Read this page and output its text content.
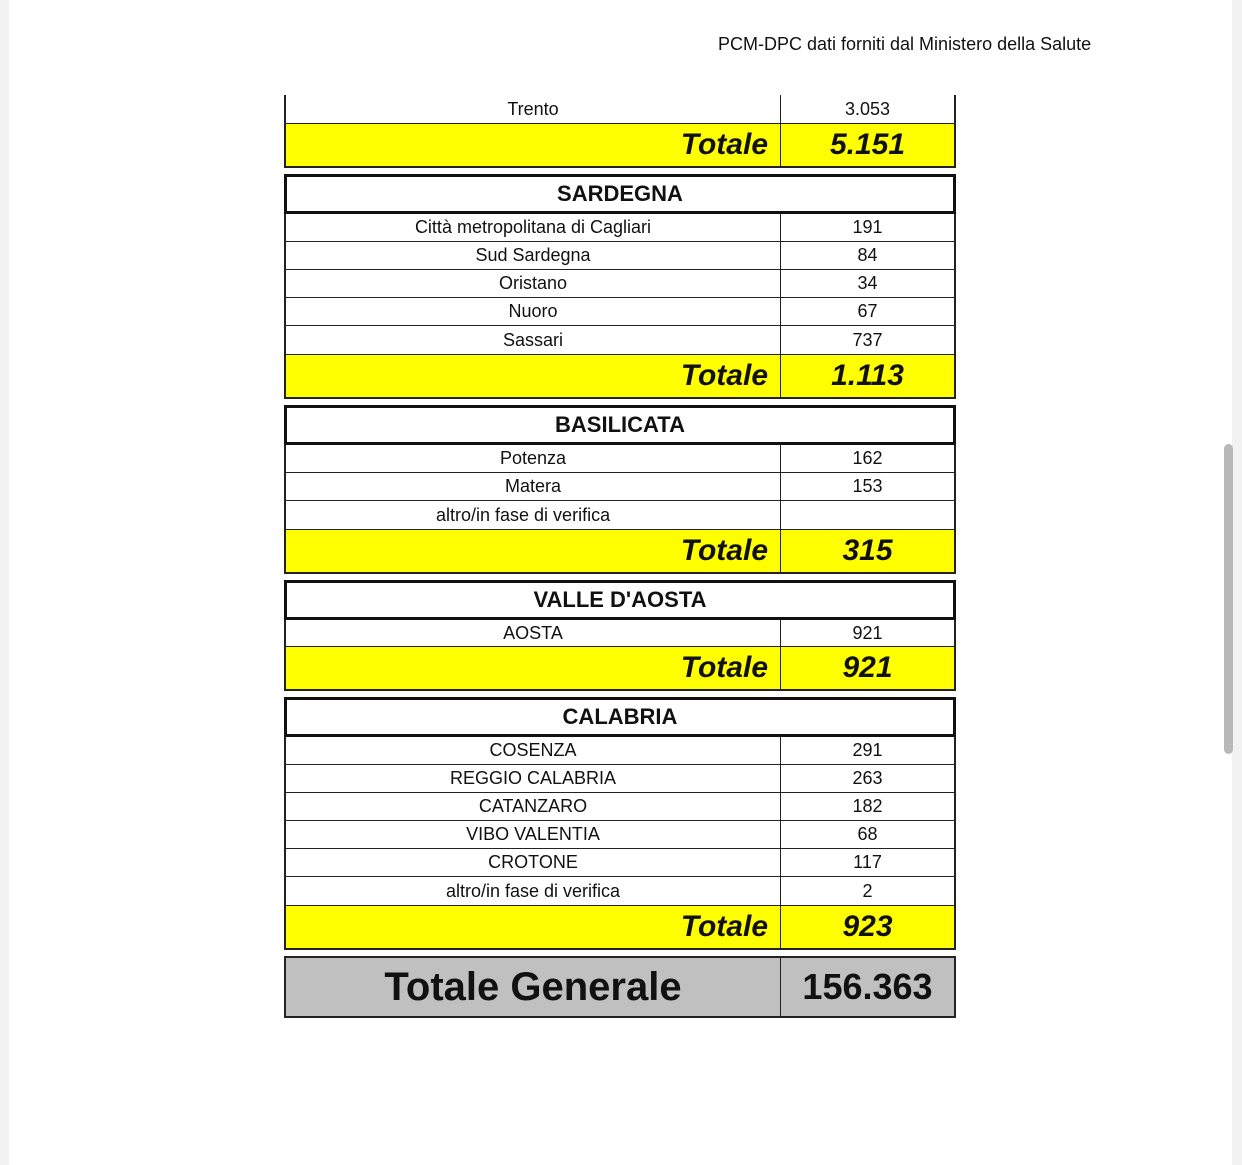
PCM-DPC dati forniti dal Ministero della Salute
Trento	3.053
Totale	5.151
SARDEGNA
Città metropolitana di Cagliari	191
Sud Sardegna	84
Oristano	34
Nuoro	67
Sassari	737
Totale	1.113
BASILICATA
Potenza	162
Matera	153
altro/in fase di verifica
Totale	315
VALLE D'AOSTA
AOSTA	921
Totale	921
CALABRIA
COSENZA	291
REGGIO CALABRIA	263
CATANZARO	182
VIBO VALENTIA	68
CROTONE	117
altro/in fase di verifica	2
Totale	923
Totale Generale	156.363
